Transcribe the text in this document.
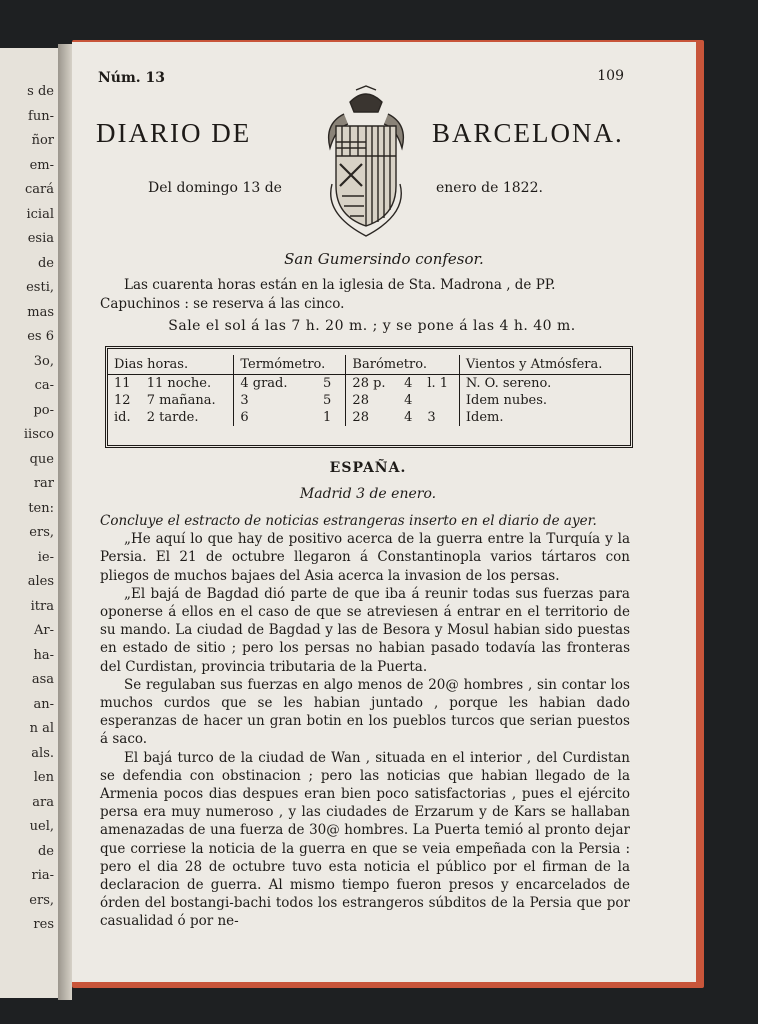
s de
fun-
ñor
em-
cará
icial
esia
de
esti,
mas
es 6
3o,
ca-
po-
iisco
que
rar
ten:
ers,
ie-
ales
itra
Ar-
ha-
asa
an-
n al
als.
len
ara
uel,
de
ria-
ers,
res
Núm. 13	109
DIARIO DE	BARCELONA.
Del domingo 13 de	enero de 1822.
San Gumersindo confesor.
Las cuarenta horas están en la iglesia de Sta. Madrona , de PP. Capuchinos : se reserva á las cinco.
Sale el sol á las 7 h. 20 m. ; y se pone á las 4 h. 40 m.
Dias horas.		Termómetro.		Barómetro.			Vientos y Atmósfera.
11	11 noche.	4 grad.	5	28 p.	4	l. 1	N. O. sereno.
12	7 mañana.	3	5	28	4		Idem nubes.
id.	2 tarde.	6	1	28	4	3	Idem.
ESPAÑA.
Madrid 3 de enero.

Concluye el estracto de noticias estrangeras inserto en el diario de ayer.

„He aquí lo que hay de positivo acerca de la guerra entre la Turquía y la Persia. El 21 de octubre llegaron á Constantinopla varios tártaros con pliegos de muchos bajaes del Asia acerca la invasion de los persas.

„El bajá de Bagdad dió parte de que iba á reunir todas sus fuerzas para oponerse á ellos en el caso de que se atreviesen á entrar en el territorio de su mando. La ciudad de Bagdad y las de Besora y Mosul habian sido puestas en estado de sitio ; pero los persas no habian pasado todavía las fronteras del Curdistan, provincia tributaria de la Puerta.

Se regulaban sus fuerzas en algo menos de 20@ hombres , sin contar los muchos curdos que se les habian juntado , porque les habian dado esperanzas de hacer un gran botin en los pueblos turcos que serian puestos á saco.

El bajá turco de la ciudad de Wan , situada en el interior , del Curdistan se defendia con obstinacion ; pero las noticias que habian llegado de la Armenia pocos dias despues eran bien poco satisfactorias , pues el ejército persa era muy numeroso , y las ciudades de Erzarum y de Kars se hallaban amenazadas de una fuerza de 30@ hombres. La Puerta temió al pronto dejar que corriese la noticia de la guerra en que se veia empeñada con la Persia : pero el dia 28 de octubre tuvo esta noticia el público por el firman de la declaracion de guerra. Al mismo tiempo fueron presos y encarcelados de órden del bostangi-bachi todos los estrangeros súbditos de la Persia que por casualidad ó por ne-
